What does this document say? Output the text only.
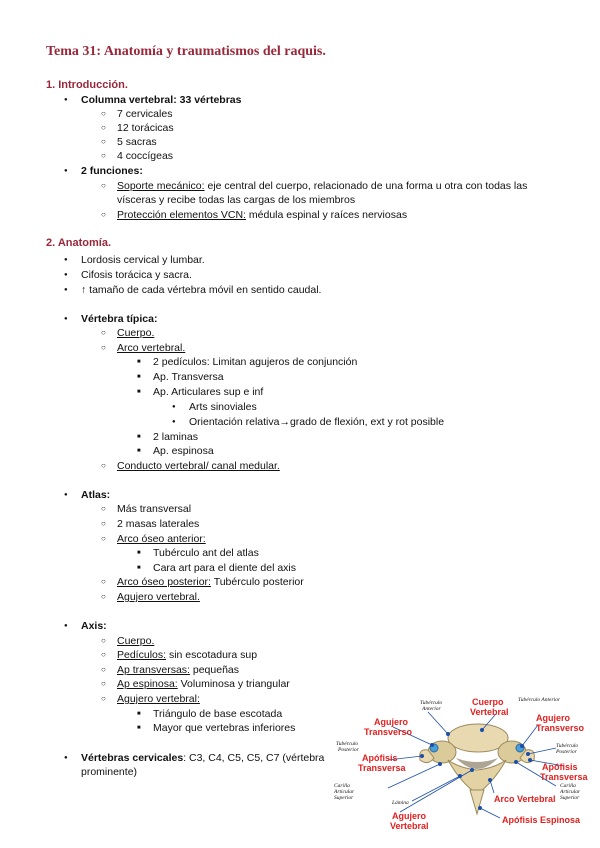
Tema 31: Anatomía y traumatismos del raquis.
1. Introducción.
● Columna vertebral: 33 vértebras
○ 7 cervicales
○ 12 torácicas
○ 5 sacras
○ 4 coccígeas
● 2 funciones:
○ Soporte mecánico: eje central del cuerpo, relacionado de una forma u otra con todas las
vísceras y recibe todas las cargas de los miembros
○ Protección elementos VCN: médula espinal y raíces nerviosas
2. Anatomía.
● Lordosis cervical y lumbar.
● Cifosis torácica y sacra.
● ↑ tamaño de cada vértebra móvil en sentido caudal.
● Vértebra típica:
○ Cuerpo.
○ Arco vertebral.
■ 2 pedículos: Limitan agujeros de conjunción
■ Ap. Transversa
■ Ap. Articulares sup e inf
● Arts sinoviales
● Orientación relativa→grado de flexión, ext y rot posible
■ 2 laminas
■ Ap. espinosa
○ Conducto vertebral/ canal medular.
● Atlas:
○ Más transversal
○ 2 masas laterales
○ Arco óseo anterior:
■ Tubérculo ant del atlas
■ Cara art para el diente del axis
○ Arco óseo posterior: Tubérculo posterior
○ Agujero vertebral.
● Axis:
○ Cuerpo.
○ Pedículos: sin escotadura sup
○ Ap transversas: pequeñas
○ Ap espinosa: Voluminosa y triangular
○ Agujero vertebral:
■ Triángulo de base escotada
■ Mayor que vertebras inferiores
● Vértebras cervicales: C3, C4, C5, C5, C7 (vértebra
prominente)
Agujero
Transverso
Cuerpo
Vertebral
Agujero
Transverso
Apófisis
Transversa	Apófisis
Transversa
Arco Vertebral
Agujero
Vertebral
Apófisis Espinosa
Tubérculo
Anterior
Tubérculo Anterior
Tubérculo
Posterior
Tubérculo
Posterior
Carilla
Articular
Superior
Carilla
Articular
Superior
Lámina
